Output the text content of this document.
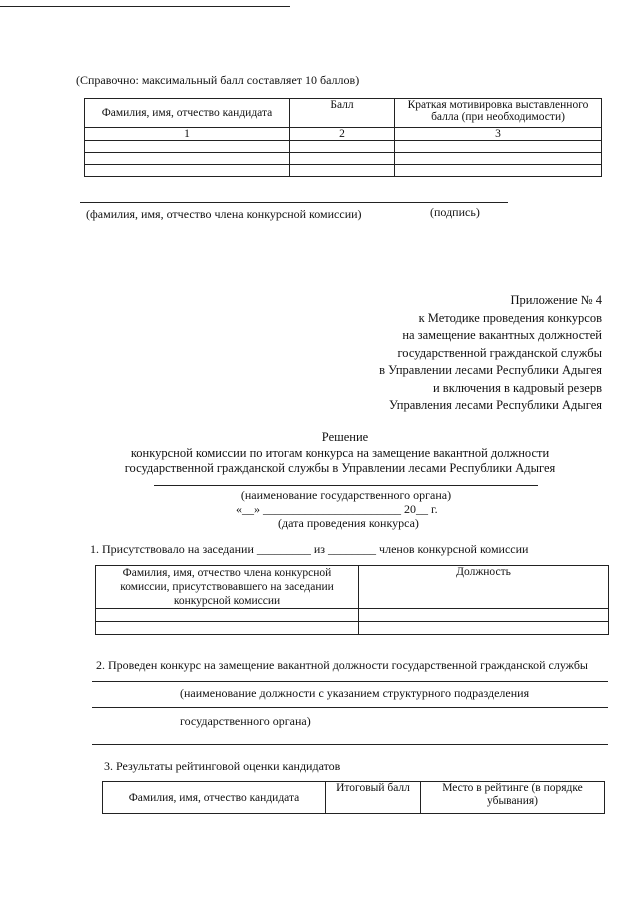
(Справочно: максимальный балл составляет 10 баллов)
Фамилия, имя, отчество кандидата	Балл	Краткая мотивировка выставленного балла (при необходимости)
1	2	3

(фамилия, имя, отчество члена конкурсной комиссии)	(подпись)
Приложение № 4
к Методике проведения конкурсов
на замещение вакантных должностей
государственной гражданской службы
в Управлении лесами Республики Адыгея
и включения в кадровый резерв
Управления лесами Республики Адыгея
Решение
конкурсной комиссии по итогам конкурса на замещение вакантной должности
государственной гражданской службы в Управлении лесами Республики Адыгея
(наименование государственного органа)
«__» _______________________ 20__ г.
(дата проведения конкурса)
1. Присутствовало на заседании _________ из ________ членов конкурсной комиссии
Фамилия, имя, отчество члена конкурсной комиссии, присутствовавшего на заседании конкурсной комиссии	Должность

2. Проведен конкурс на замещение вакантной должности государственной гражданской службы
(наименование должности с указанием структурного подразделения
государственного органа)
3. Результаты рейтинговой оценки кандидатов
Фамилия, имя, отчество кандидата	Итоговый балл	Место в рейтинге (в порядке убывания)
